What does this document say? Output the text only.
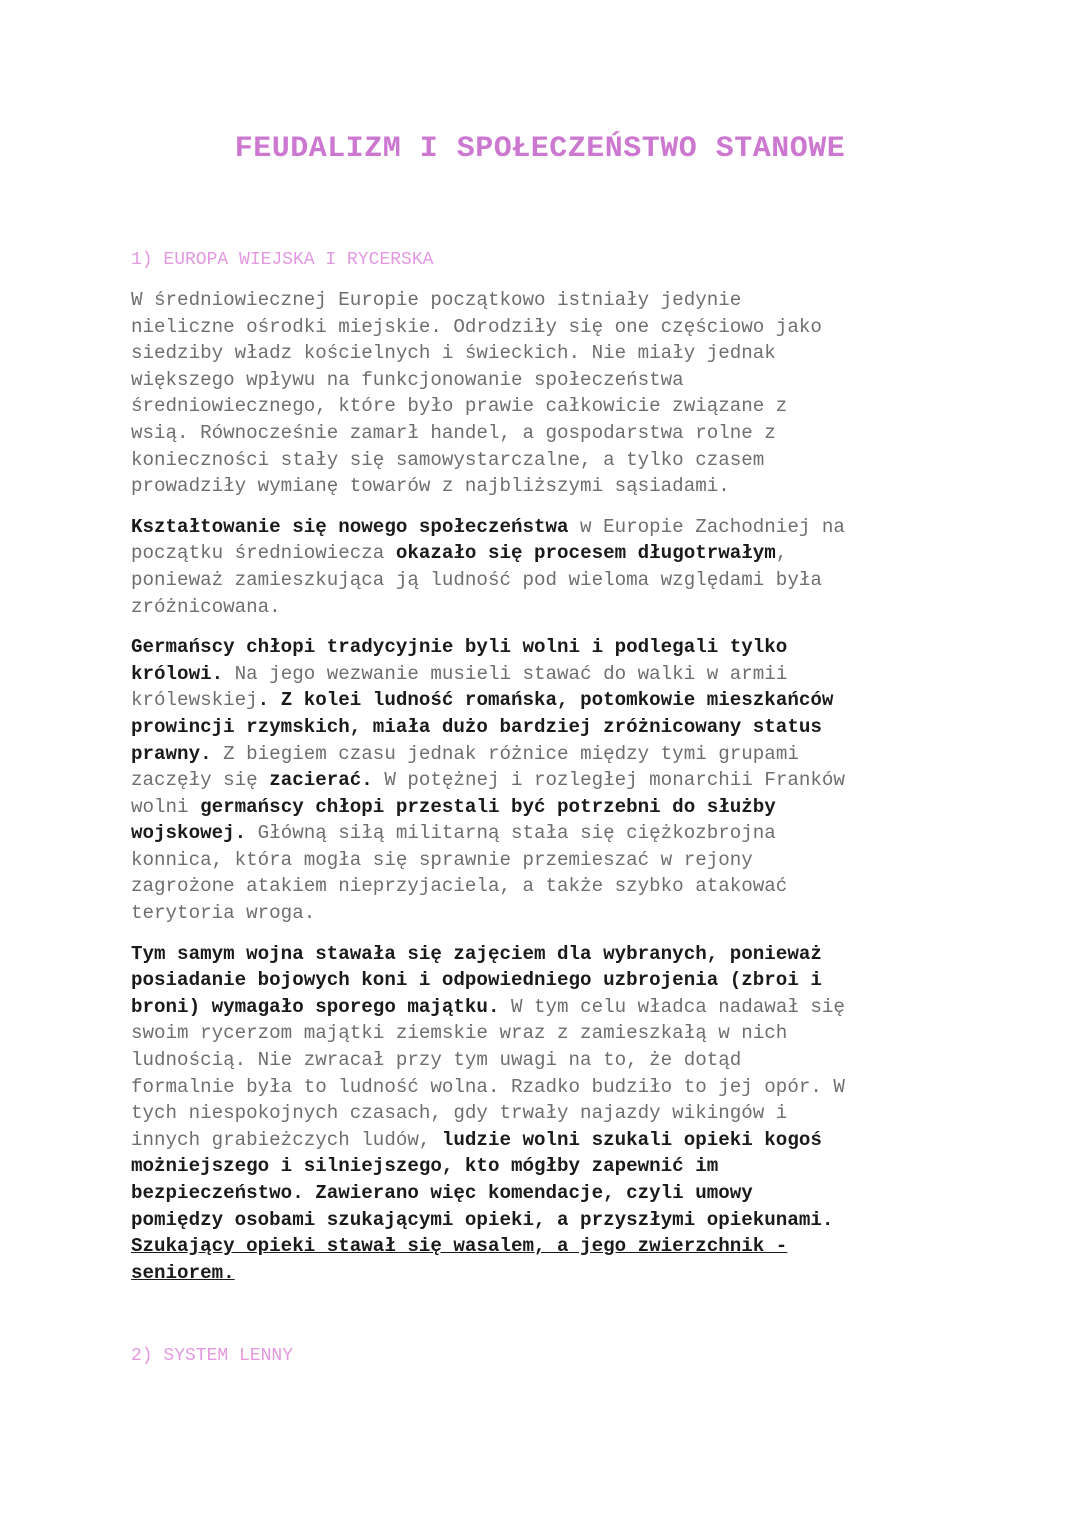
FEUDALIZM I SPOŁECZEŃSTWO STANOWE
1) EUROPA WIEJSKA I RYCERSKA

W średniowiecznej Europie początkowo istniały jedynie
nieliczne ośrodki miejskie. Odrodziły się one częściowo jako
siedziby władz kościelnych i świeckich. Nie miały jednak
większego wpływu na funkcjonowanie społeczeństwa
średniowiecznego, które było prawie całkowicie związane z
wsią. Równocześnie zamarł handel, a gospodarstwa rolne z
konieczności stały się samowystarczalne, a tylko czasem
prowadziły wymianę towarów z najbliższymi sąsiadami.

Kształtowanie się nowego społeczeństwa w Europie Zachodniej na
początku średniowiecza okazało się procesem długotrwałym,
ponieważ zamieszkująca ją ludność pod wieloma względami była
zróżnicowana.

Germańscy chłopi tradycyjnie byli wolni i podlegali tylko
królowi. Na jego wezwanie musieli stawać do walki w armii
królewskiej. Z kolei ludność romańska, potomkowie mieszkańców
prowincji rzymskich, miała dużo bardziej zróżnicowany status
prawny. Z biegiem czasu jednak różnice między tymi grupami
zaczęły się zacierać. W potężnej i rozległej monarchii Franków
wolni germańscy chłopi przestali być potrzebni do służby
wojskowej. Główną siłą militarną stała się ciężkozbrojna
konnica, która mogła się sprawnie przemieszać w rejony
zagrożone atakiem nieprzyjaciela, a także szybko atakować
terytoria wroga.

Tym samym wojna stawała się zajęciem dla wybranych, ponieważ
posiadanie bojowych koni i odpowiedniego uzbrojenia (zbroi i
broni) wymagało sporego majątku. W tym celu władca nadawał się
swoim rycerzom majątki ziemskie wraz z zamieszkałą w nich
ludnością. Nie zwracał przy tym uwagi na to, że dotąd
formalnie była to ludność wolna. Rzadko budziło to jej opór. W
tych niespokojnych czasach, gdy trwały najazdy wikingów i
innych grabieżczych ludów, ludzie wolni szukali opieki kogoś
możniejszego i silniejszego, kto mógłby zapewnić im
bezpieczeństwo. Zawierano więc komendacje, czyli umowy
pomiędzy osobami szukającymi opieki, a przyszłymi opiekunami.
Szukający opieki stawał się wasalem, a jego zwierzchnik -
seniorem.

2) SYSTEM LENNY
